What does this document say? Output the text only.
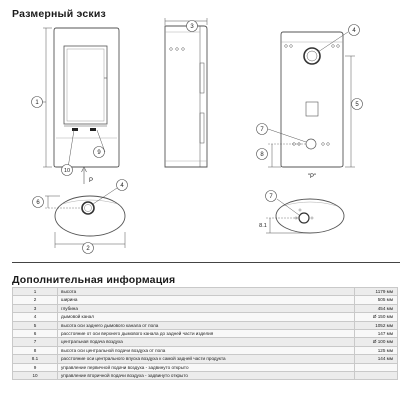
Размерный эскиз
1
9
10
P
3
4
5
7
8
4
6
2
"P"
7
8.1
Дополнительная информация
1	высота	1179 мм
2	ширина	505 мм
3	глубина	454 мм
4	дымовой канал	Ø 150 мм
5	высота оси заднего дымового канала от пола	1052 мм
6	расстояние от оси верхнего дымового канала до задней части изделия	147 мм
7	центральная подача воздуха	Ø 100 мм
8	высота оси центральной подачи воздуха от пола	125 мм
8.1	расстояние оси центрального впуска воздуха к самой задней части продукта	144 мм
9	управление первичной подачи воздуха - задвинуто открыто	
10	управление вторичной подачи воздуха - задвинуто открыто	
